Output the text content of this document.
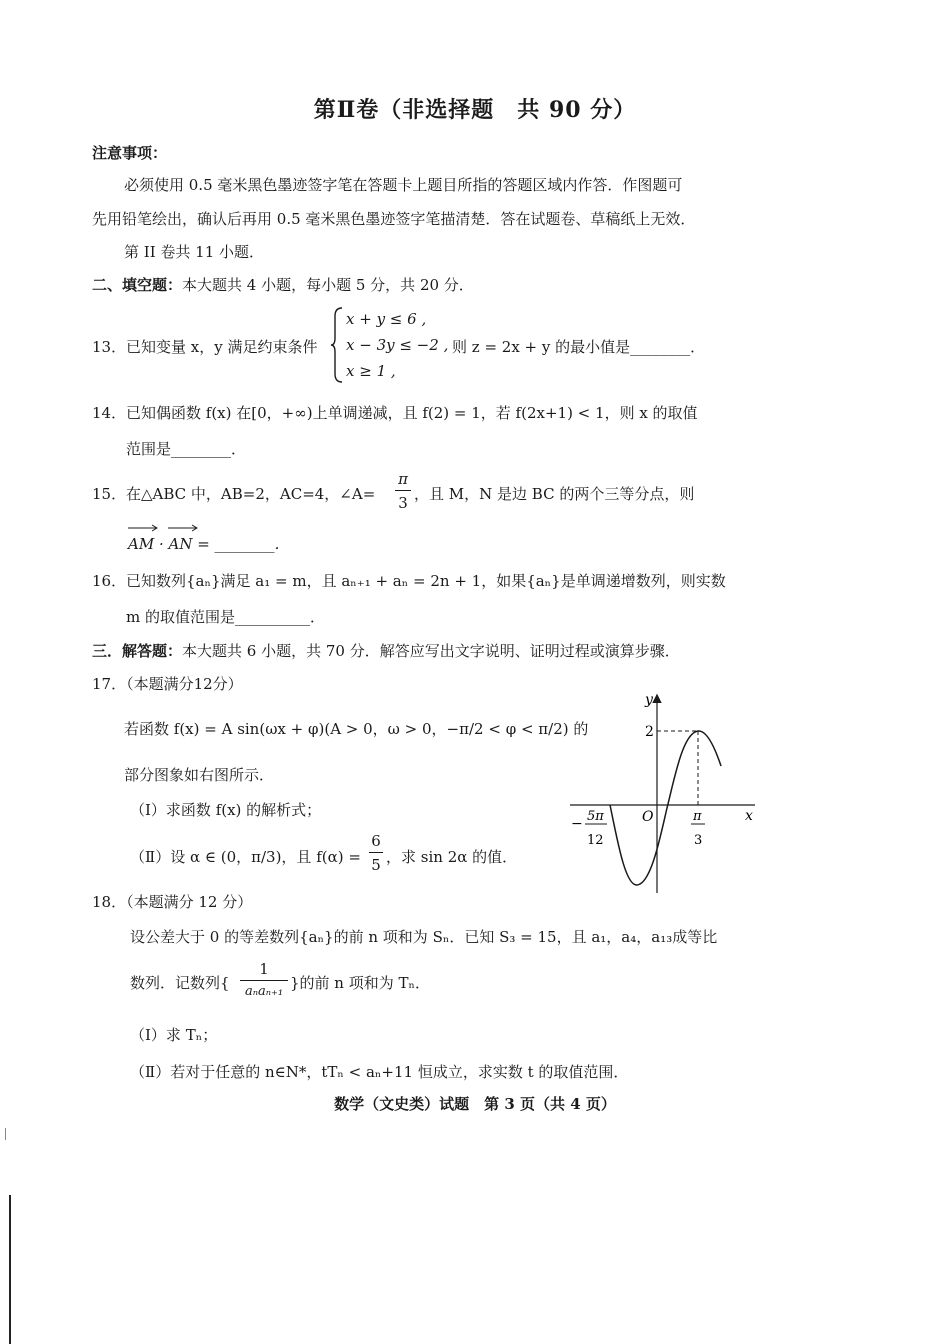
第Ⅱ卷（非选择题　共 90 分）
注意事项：
必须使用 0.5 毫米黑色墨迹签字笔在答题卡上题目所指的答题区域内作答．作图题可
先用铅笔绘出，确认后再用 0.5 毫米黑色墨迹签字笔描清楚．答在试题卷、草稿纸上无效．
第 II 卷共 11 小题．
二、填空题：本大题共 4 小题，每小题 5 分，共 20 分．
13． 已知变量 x，y 满足约束条件
x + y ≤ 6 ,
x − 3y ≤ −2 ,
x ≥ 1 ,
则 z = 2x + y 的最小值是________．
14． 已知偶函数 f(x) 在[0，+∞)上单调递减，且 f(2) = 1，若 f(2x+1) < 1，则 x 的取值
范围是________．
15． 在△ABC 中，AB=2，AC=4，∠A=
π
3 ，且 M，N 是边 BC 的两个三等分点，则
AM · AN = ________．
16． 已知数列{aₙ}满足 a₁ = m，且 aₙ₊₁ + aₙ = 2n + 1，如果{aₙ}是单调递增数列，则实数
m 的取值范围是__________．
三．解答题：本大题共 6 小题，共 70 分．解答应写出文字说明、证明过程或演算步骤．
17．（本题满分12分）
若函数 f(x) = A sin(ωx + φ)(A > 0，ω > 0，−π/2 < φ < π/2) 的
部分图象如右图所示．
（Ⅰ）求函数 f(x) 的解析式；
（Ⅱ）设 α ∈ (0，π/3)，且 f(α) =
6
5 ，求 sin 2α 的值．
y
x
O
2
− 5π
12
π
3
18．（本题满分 12 分）
设公差大于 0 的等差数列{aₙ}的前 n 项和为 Sₙ．已知 S₃ = 15，且 a₁，a₄，a₁₃成等比
数列．记数列{
1
aₙaₙ₊₁ }的前 n 项和为 Tₙ．
（Ⅰ）求 Tₙ；
（Ⅱ）若对于任意的 n∈N*，tTₙ < aₙ+11 恒成立，求实数 t 的取值范围．
数学（文史类）试题　第 3 页（共 4 页）
